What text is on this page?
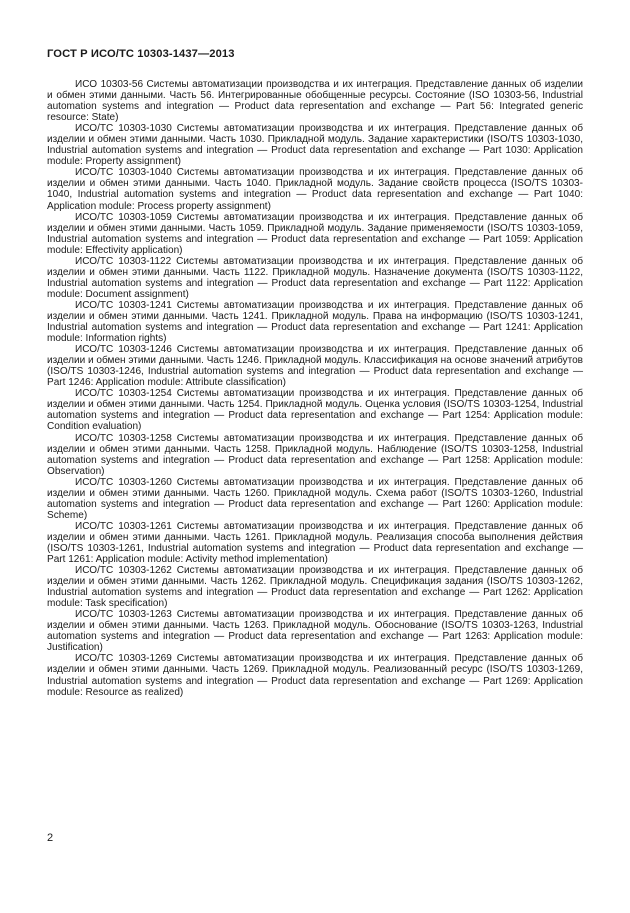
ГОСТ Р ИСО/ТС 10303-1437—2013

ИСО 10303-56 Системы автоматизации производства и их интеграция. Представление данных об изделии и обмен этими данными. Часть 56. Интегрированные обобщенные ресурсы. Состояние (ISO 10303-56, Industrial automation systems and integration — Product data representation and exchange — Part 56: Integrated generic resource: State)

ИСО/ТС 10303-1030 Системы автоматизации производства и их интеграция. Представление данных об изделии и обмен этими данными. Часть 1030. Прикладной модуль. Задание характеристики (ISO/TS 10303-1030, Industrial automation systems and integration — Product data representation and exchange — Part 1030: Application module: Property assignment)

ИСО/ТС 10303-1040 Системы автоматизации производства и их интеграция. Представление данных об изделии и обмен этими данными. Часть 1040. Прикладной модуль. Задание свойств процесса (ISO/TS 10303-1040, Industrial automation systems and integration — Product data representation and exchange — Part 1040: Application module: Process property assignment)

ИСО/ТС 10303-1059 Системы автоматизации производства и их интеграция. Представление данных об изделии и обмен этими данными. Часть 1059. Прикладной модуль. Задание применяемости (ISO/TS 10303-1059, Industrial automation systems and integration — Product data representation and exchange — Part 1059: Application module: Effectivity application)

ИСО/ТС 10303-1122 Системы автоматизации производства и их интеграция. Представление данных об изделии и обмен этими данными. Часть 1122. Прикладной модуль. Назначение документа (ISO/TS 10303-1122, Industrial automation systems and integration — Product data representation and exchange — Part 1122: Application module: Document assignment)

ИСО/ТС 10303-1241 Системы автоматизации производства и их интеграция. Представление данных об изделии и обмен этими данными. Часть 1241. Прикладной модуль. Права на информацию (ISO/TS 10303-1241, Industrial automation systems and integration — Product data representation and exchange — Part 1241: Application module: Information rights)

ИСО/ТС 10303-1246 Системы автоматизации производства и их интеграция. Представление данных об изделии и обмен этими данными. Часть 1246. Прикладной модуль. Классификация на основе значений атрибутов (ISO/TS 10303-1246, Industrial automation systems and integration — Product data representation and exchange — Part 1246: Application module: Attribute classification)

ИСО/ТС 10303-1254 Системы автоматизации производства и их интеграция. Представление данных об изделии и обмен этими данными. Часть 1254. Прикладной модуль. Оценка условия (ISO/TS 10303-1254, Industrial automation systems and integration — Product data representation and exchange — Part 1254: Application module: Condition evaluation)

ИСО/ТС 10303-1258 Системы автоматизации производства и их интеграция. Представление данных об изделии и обмен этими данными. Часть 1258. Прикладной модуль. Наблюдение (ISO/TS 10303-1258, Industrial automation systems and integration — Product data representation and exchange — Part 1258: Application module: Observation)

ИСО/ТС 10303-1260 Системы автоматизации производства и их интеграция. Представление данных об изделии и обмен этими данными. Часть 1260. Прикладной модуль. Схема работ (ISO/TS 10303-1260, Industrial automation systems and integration — Product data representation and exchange — Part 1260: Application module: Scheme)

ИСО/ТС 10303-1261 Системы автоматизации производства и их интеграция. Представление данных об изделии и обмен этими данными. Часть 1261. Прикладной модуль. Реализация способа выполнения действия (ISO/TS 10303-1261, Industrial automation systems and integration — Product data representation and exchange — Part 1261: Application module: Activity method implementation)

ИСО/ТС 10303-1262 Системы автоматизации производства и их интеграция. Представление данных об изделии и обмен этими данными. Часть 1262. Прикладной модуль. Спецификация задания (ISO/TS 10303-1262, Industrial automation systems and integration — Product data representation and exchange — Part 1262: Application module: Task specification)

ИСО/ТС 10303-1263 Системы автоматизации производства и их интеграция. Представление данных об изделии и обмен этими данными. Часть 1263. Прикладной модуль. Обоснование (ISO/TS 10303-1263, Industrial automation systems and integration — Product data representation and exchange — Part 1263: Application module: Justification)

ИСО/ТС 10303-1269 Системы автоматизации производства и их интеграция. Представление данных об изделии и обмен этими данными. Часть 1269. Прикладной модуль. Реализованный ресурс (ISO/TS 10303-1269, Industrial automation systems and integration — Product data representation and exchange — Part 1269: Application module: Resource as realized)

2
